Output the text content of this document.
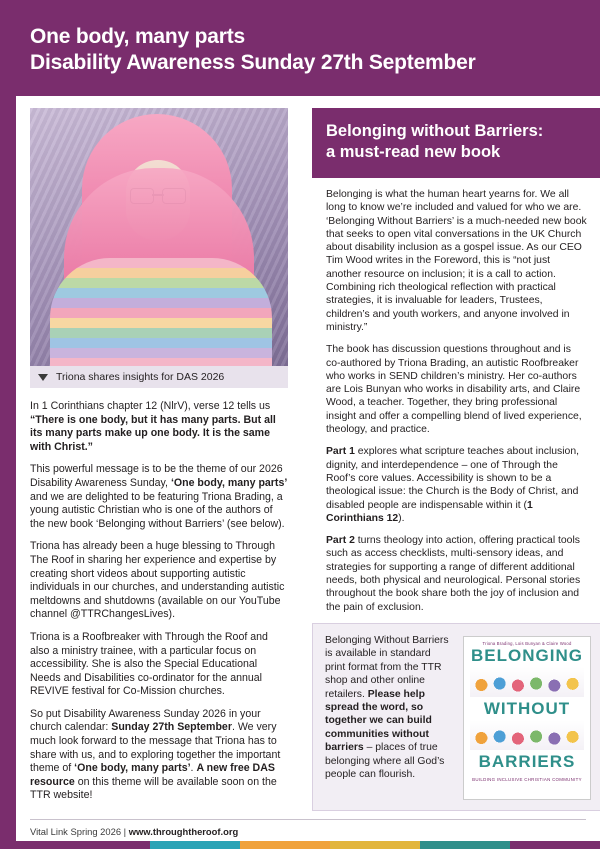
One body, many parts
Disability Awareness Sunday 27th September
Triona shares insights for DAS 2026

In 1 Corinthians chapter 12 (NlrV), verse 12 tells us “There is one body, but it has many parts. But all its many parts make up one body. It is the same with Christ.”

This powerful message is to be the theme of our 2026 Disability Awareness Sunday, ‘One body, many parts’ and we are delighted to be featuring Triona Brading, a young autistic Christian who is one of the authors of the new book ‘Belonging without Barriers’ (see below).

Triona has already been a huge blessing to Through The Roof in sharing her experience and expertise by creating short videos about supporting autistic individuals in our churches, and understanding autistic meltdowns and shutdowns (available on our YouTube channel @TTRChangesLives).

Triona is a Roofbreaker with Through the Roof and also a ministry trainee, with a particular focus on accessibility. She is also the Special Educational Needs and Disabilities co-ordinator for the annual REVIVE festival for Co-Mission churches.

So put Disability Awareness Sunday 2026 in your church calendar: Sunday 27th September. We very much look forward to the message that Triona has to share with us, and to exploring together the important theme of ‘One body, many parts’. A new free DAS resource on this theme will be available soon on the TTR website!

Belonging without Barriers:
a must-read new book

Belonging is what the human heart yearns for. We all long to know we’re included and valued for who we are. ‘Belonging Without Barriers’ is a much-needed new book that seeks to open vital conversations in the UK Church about disability inclusion as a gospel issue. As our CEO Tim Wood writes in the Foreword, this is “not just another resource on inclusion; it is a call to action. Combining rich theological reflection with practical strategies, it is invaluable for leaders, Trustees, children’s and youth workers, and anyone involved in ministry.”

The book has discussion questions throughout and is co-authored by Triona Brading, an autistic Roofbreaker who works in SEND children’s ministry. Her co-authors are Lois Bunyan who works in disability arts, and Claire Wood, a teacher. Together, they bring professional insight and offer a compelling blend of lived experience, theology, and practice.

Part 1 explores what scripture teaches about inclusion, dignity, and interdependence – one of Through the Roof’s core values. Accessibility is shown to be a theological issue: the Church is the Body of Christ, and disabled people are indispensable within it (1 Corinthians 12).

Part 2 turns theology into action, offering practical tools such as access checklists, multi-sensory ideas, and strategies for supporting a range of different additional needs, both physical and neurological. Personal stories throughout the book share both the joy of inclusion and the pain of exclusion.

Belonging Without Barriers is available in standard print format from the TTR shop and other online retailers. Please help spread the word, so together we can build communities without barriers – places of true belonging where all God’s people can flourish.
Triona Brading, Lois Bunyan & Claire Wood
BELONGING
WITHOUT
BARRIERS
BUILDING INCLUSIVE CHRISTIAN COMMUNITY
Vital Link Spring 2026 | www.throughtheroof.org
